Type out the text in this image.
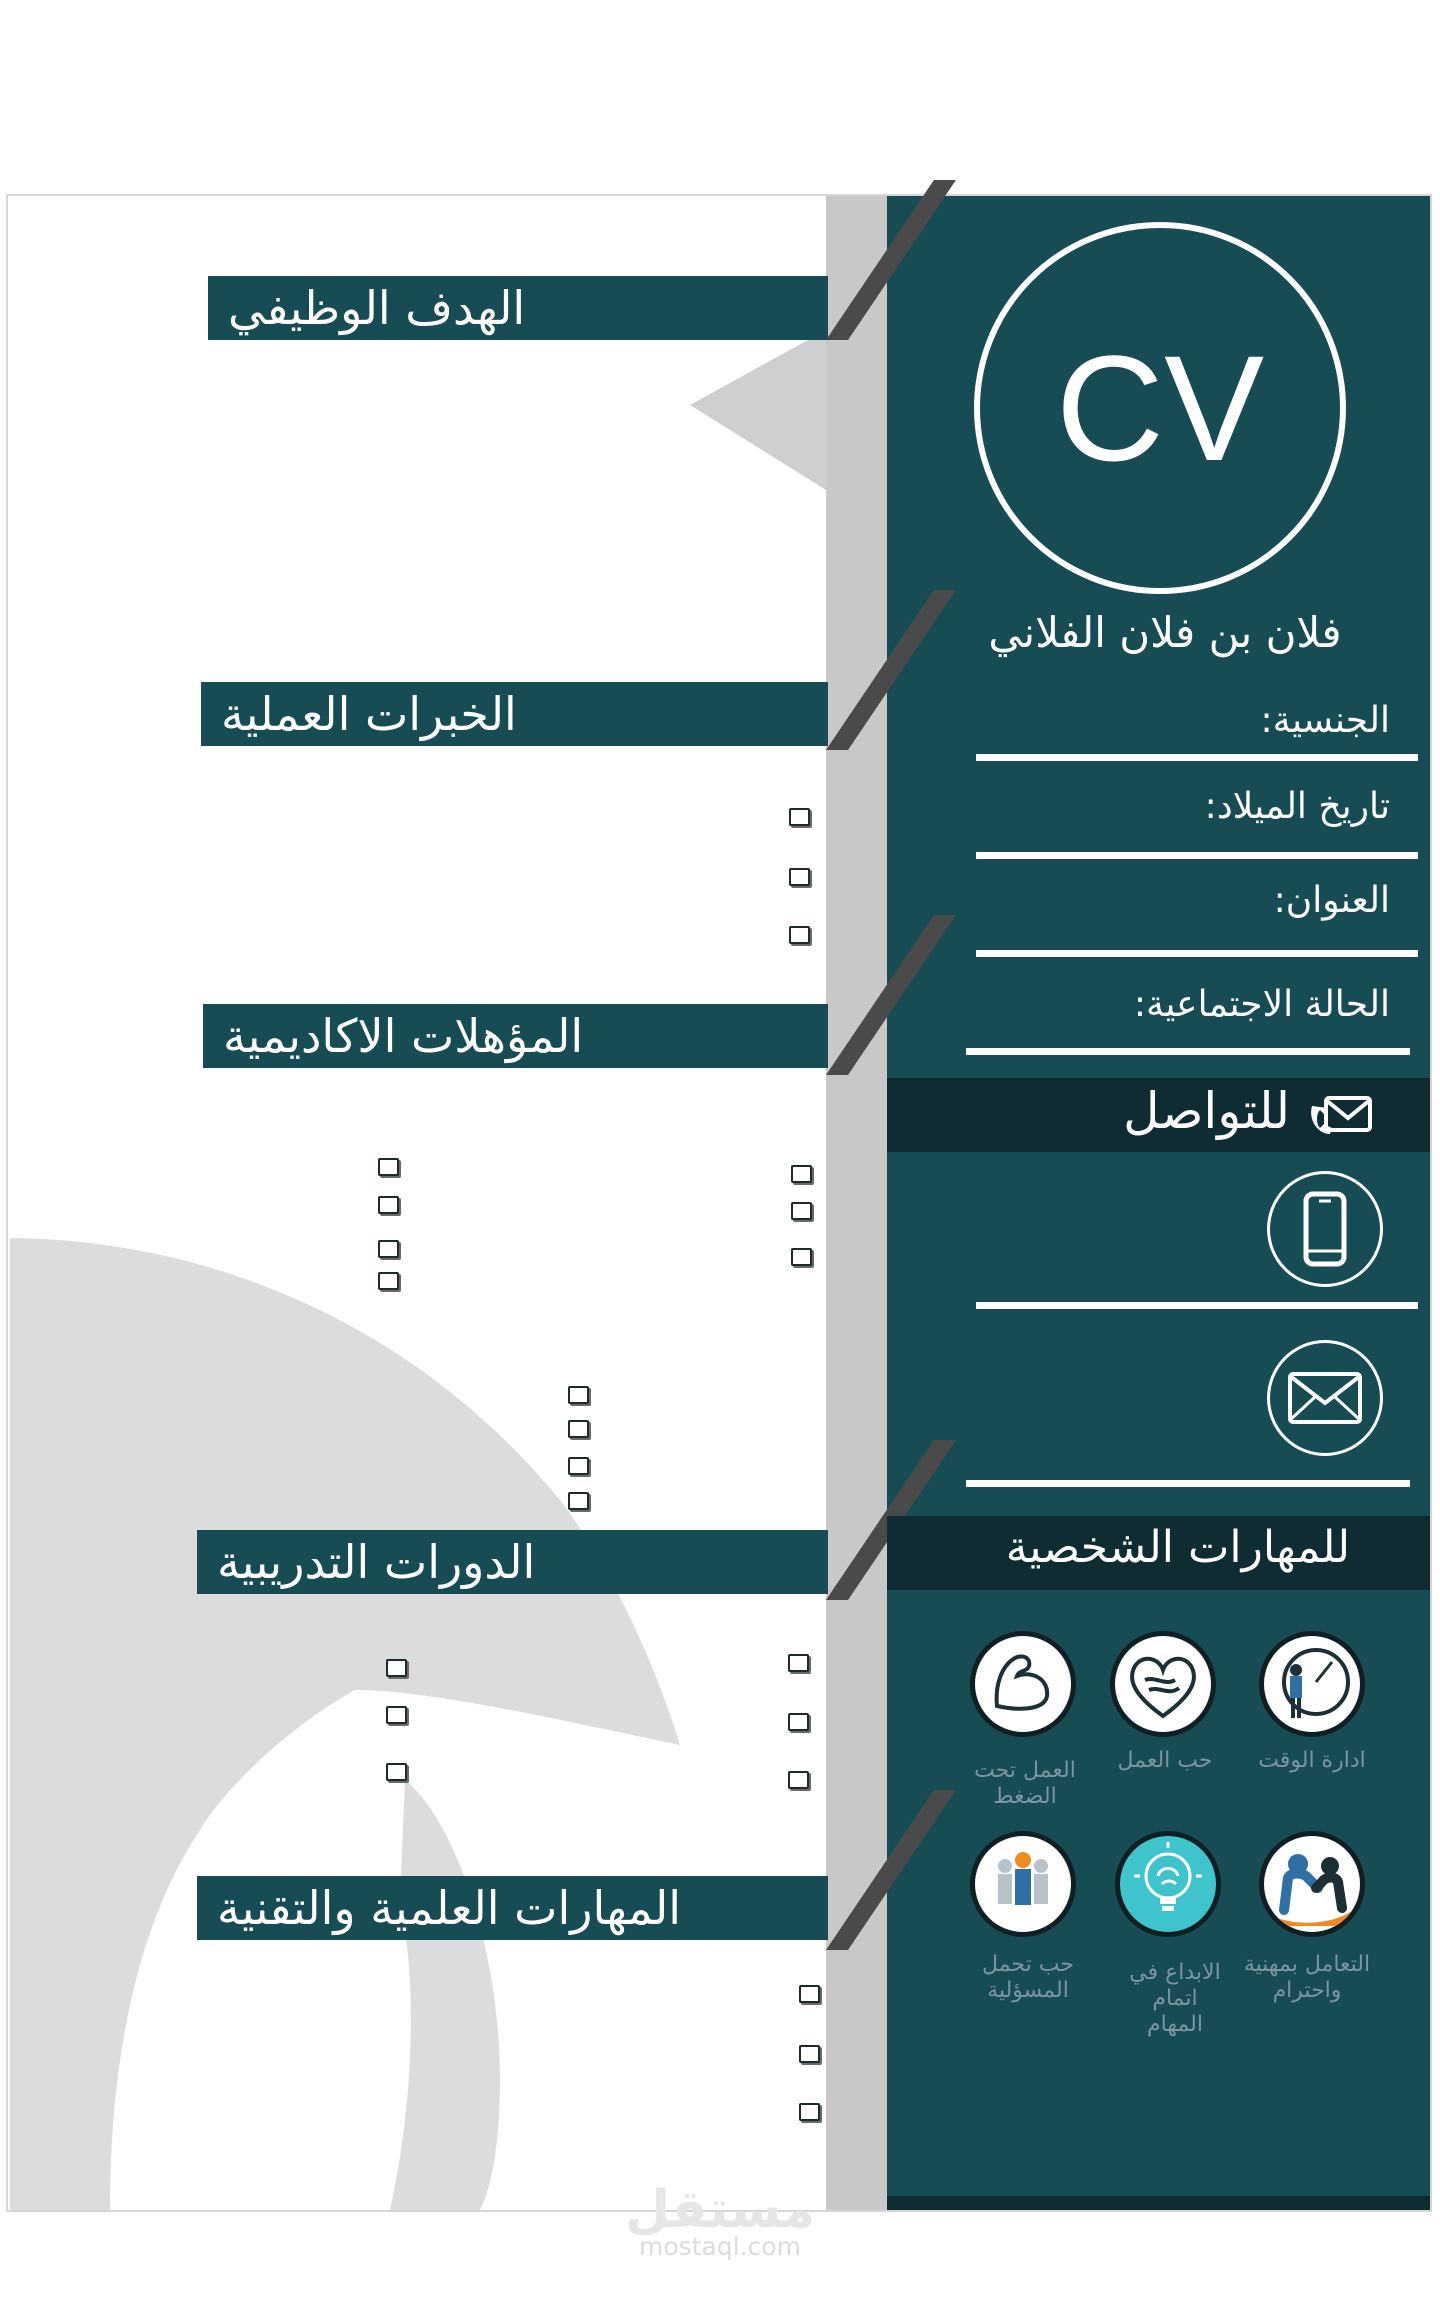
الهدف الوظيفي
الخبرات العملية
المؤهلات الاكاديمية
الدورات التدريبية
المهارات العلمية والتقنية
CV
فلان بن فلان الفلاني
الجنسية:
تاريخ الميلاد:
العنوان:
الحالة الاجتماعية:
للتواصل
للمهارات الشخصية
ادارة الوقت
حب العمل
العمل تحت الضغط
التعامل بمهنية واحترام
الابداع في اتمام المهام
حب تحمل المسؤلية
مستقل
mostaql.com
